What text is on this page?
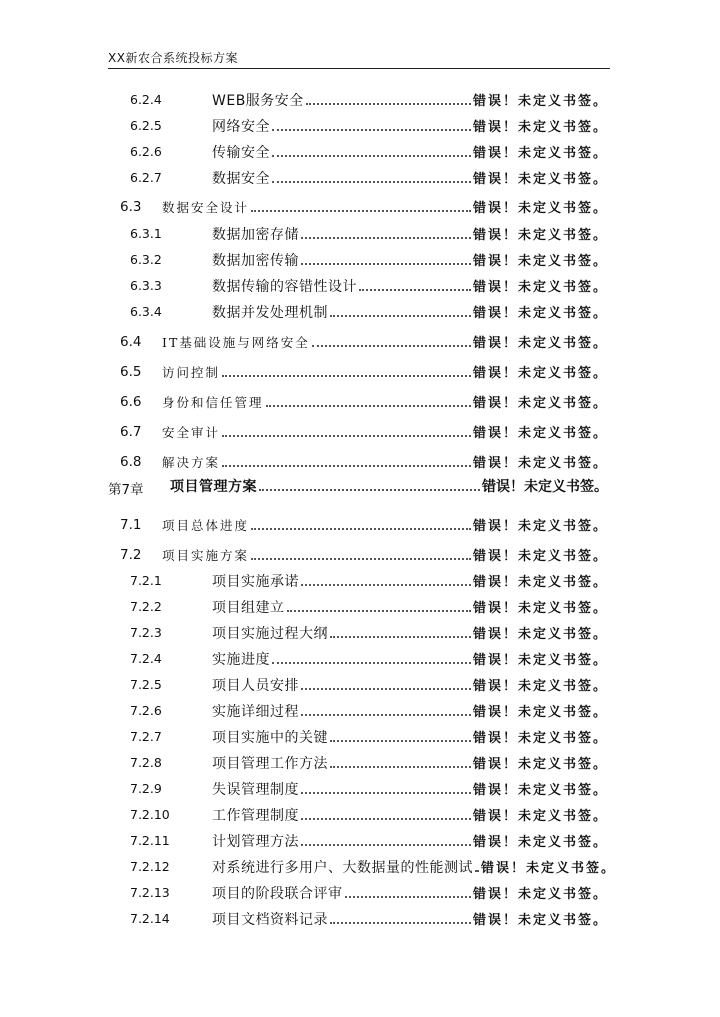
XX新农合系统投标方案
6.2.4	WEB服务安全	错误！未定义书签。
6.2.5	网络安全	错误！未定义书签。
6.2.6	传输安全	错误！未定义书签。
6.2.7	数据安全	错误！未定义书签。
6.3 数据安全设计	错误！未定义书签。
6.3.1	数据加密存储	错误！未定义书签。
6.3.2	数据加密传输	错误！未定义书签。
6.3.3	数据传输的容错性设计	错误！未定义书签。
6.3.4	数据并发处理机制	错误！未定义书签。
6.4 IT基础设施与网络安全	错误！未定义书签。
6.5 访问控制	错误！未定义书签。
6.6 身份和信任管理	错误！未定义书签。
6.7 安全审计	错误！未定义书签。
6.8 解决方案	错误！未定义书签。
第7章 项目管理方案	错误！未定义书签。
7.1 项目总体进度	错误！未定义书签。
7.2 项目实施方案	错误！未定义书签。
7.2.1	项目实施承诺	错误！未定义书签。
7.2.2	项目组建立	错误！未定义书签。
7.2.3	项目实施过程大纲	错误！未定义书签。
7.2.4	实施进度	错误！未定义书签。
7.2.5	项目人员安排	错误！未定义书签。
7.2.6	实施详细过程	错误！未定义书签。
7.2.7	项目实施中的关键	错误！未定义书签。
7.2.8	项目管理工作方法	错误！未定义书签。
7.2.9	失误管理制度	错误！未定义书签。
7.2.10	工作管理制度	错误！未定义书签。
7.2.11	计划管理方法	错误！未定义书签。
7.2.12	对系统进行多用户、大数据量的性能测试 错误！未定义书签。
7.2.13	项目的阶段联合评审	错误！未定义书签。
7.2.14	项目文档资料记录	错误！未定义书签。
